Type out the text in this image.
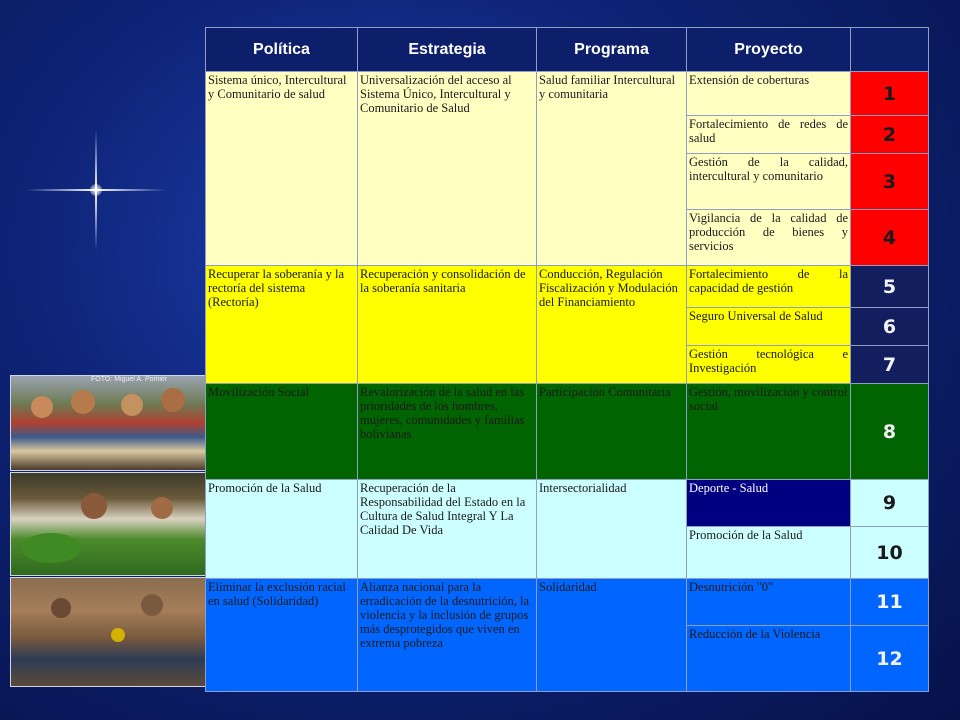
FOTO: Miguel A. Pomier
Política	Estrategia	Programa	Proyecto	
Sistema único, Intercultural y Comunitario de salud	Universalización del acceso al Sistema Único, Intercultural y Comunitario de Salud	Salud familiar Intercultural y comunitaria	Extensión de coberturas	1
			Fortalecimiento de redes de salud	2
			Gestión de la calidad, intercultural y comunitario	3
			Vigilancia de la calidad de producción de bienes y servicios	4
Recuperar la soberanía y la rectoría del sistema (Rectoría)	Recuperación y consolidación de la soberanía sanitaria	Conducción, Regulación Fiscalización y Modulación del Financiamiento	Fortalecimiento de la capacidad de gestión	5
			Seguro Universal de Salud	6
			Gestión tecnológica e Investigación	7
Movilización Social	Revalorización de la salud en las prioridades de los hombres, mujeres, comunidades y familias bolivianas	Participación Comunitaria	Gestión, movilización y control social	8
Promoción de la Salud	Recuperación de la Responsabilidad del Estado en la Cultura de Salud Integral Y La Calidad De Vida	Intersectorialidad	Deporte - Salud	9
			Promoción de la Salud	10
Eliminar la exclusión racial en salud (Solidaridad)	Alianza nacional para la erradicación de la desnutrición, la violencia y la inclusión de grupos más desprotegidos que viven en extrema pobreza	Solidaridad	Desnutrición "0"	11
			Reducción de la Violencia	12
